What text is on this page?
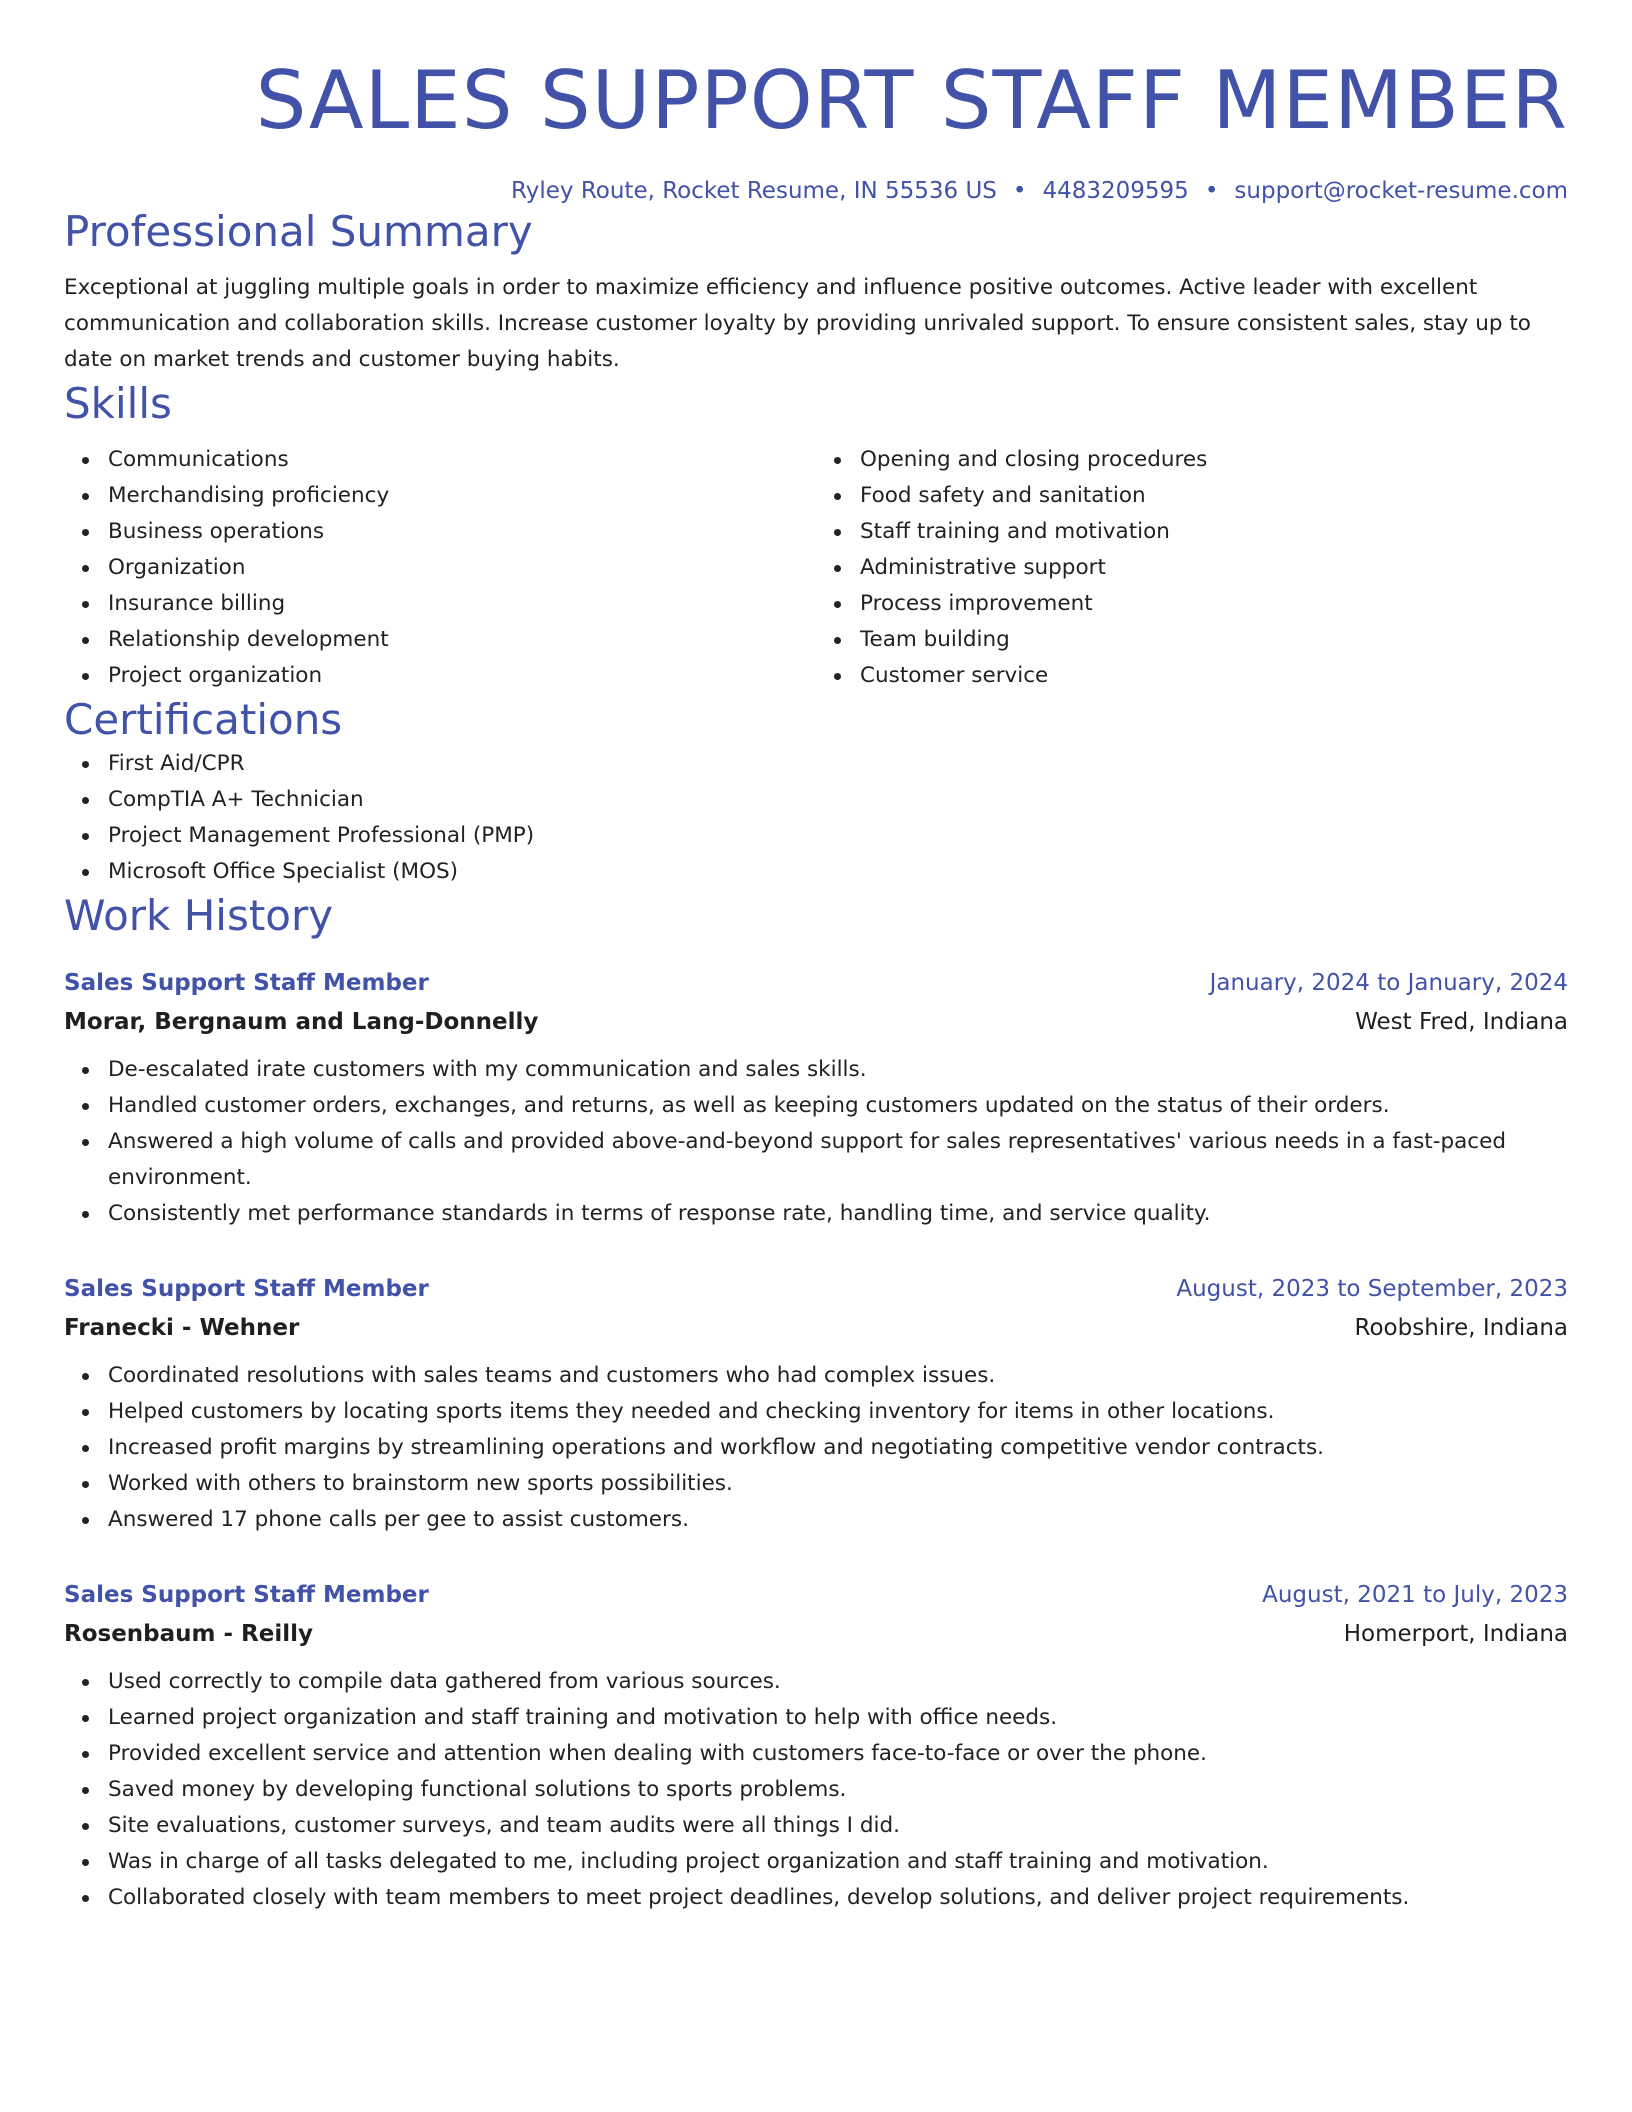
SALES SUPPORT STAFF MEMBER
Ryley Route, Rocket Resume, IN 55536 US • 4483209595 • support@rocket-resume.com
Professional Summary
Exceptional at juggling multiple goals in order to maximize efficiency and influence positive outcomes. Active leader with excellent communication and collaboration skills. Increase customer loyalty by providing unrivaled support. To ensure consistent sales, stay up to date on market trends and customer buying habits.
Skills
Communications
Merchandising proficiency
Business operations
Organization
Insurance billing
Relationship development
Project organization
Opening and closing procedures
Food safety and sanitation
Staff training and motivation
Administrative support
Process improvement
Team building
Customer service
Certifications
First Aid/CPR
CompTIA A+ Technician
Project Management Professional (PMP)
Microsoft Office Specialist (MOS)
Work History
Sales Support Staff Member	January, 2024 to January, 2024
Morar, Bergnaum and Lang-Donnelly	West Fred, Indiana
De-escalated irate customers with my communication and sales skills.
Handled customer orders, exchanges, and returns, as well as keeping customers updated on the status of their orders.
Answered a high volume of calls and provided above-and-beyond support for sales representatives' various needs in a fast-paced environment.
Consistently met performance standards in terms of response rate, handling time, and service quality.
Sales Support Staff Member	August, 2023 to September, 2023
Franecki - Wehner	Roobshire, Indiana
Coordinated resolutions with sales teams and customers who had complex issues.
Helped customers by locating sports items they needed and checking inventory for items in other locations.
Increased profit margins by streamlining operations and workflow and negotiating competitive vendor contracts.
Worked with others to brainstorm new sports possibilities.
Answered 17 phone calls per gee to assist customers.
Sales Support Staff Member	August, 2021 to July, 2023
Rosenbaum - Reilly	Homerport, Indiana
Used correctly to compile data gathered from various sources.
Learned project organization and staff training and motivation to help with office needs.
Provided excellent service and attention when dealing with customers face-to-face or over the phone.
Saved money by developing functional solutions to sports problems.
Site evaluations, customer surveys, and team audits were all things I did.
Was in charge of all tasks delegated to me, including project organization and staff training and motivation.
Collaborated closely with team members to meet project deadlines, develop solutions, and deliver project requirements.
